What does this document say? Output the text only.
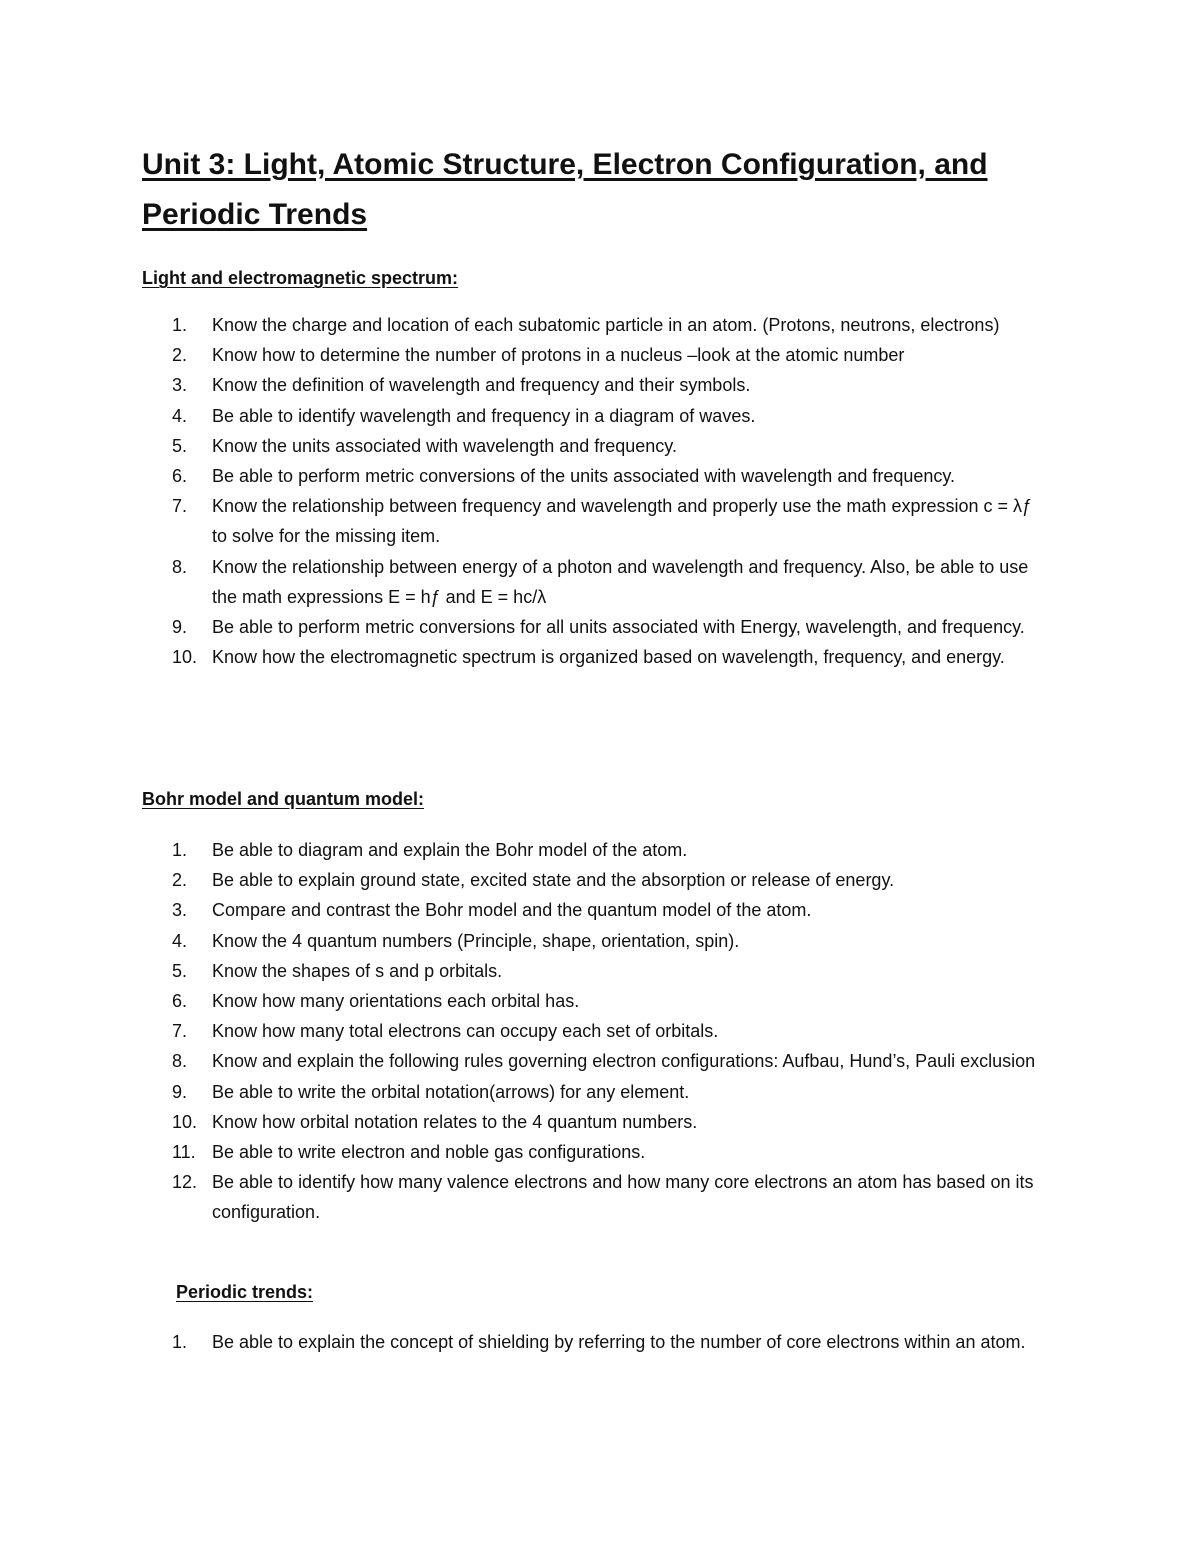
Unit 3: Light, Atomic Structure, Electron Configuration, and Periodic Trends
Light and electromagnetic spectrum:
1. Know the charge and location of each subatomic particle in an atom. (Protons, neutrons, electrons)
2. Know how to determine the number of protons in a nucleus –look at the atomic number
3. Know the definition of wavelength and frequency and their symbols.
4. Be able to identify wavelength and frequency in a diagram of waves.
5. Know the units associated with wavelength and frequency.
6. Be able to perform metric conversions of the units associated with wavelength and frequency.
7. Know the relationship between frequency and wavelength and properly use the math expression c = λƒ to solve for the missing item.
8. Know the relationship between energy of a photon and wavelength and frequency. Also, be able to use the math expressions E = hƒ and E = hc/λ
9. Be able to perform metric conversions for all units associated with Energy, wavelength, and frequency.
10. Know how the electromagnetic spectrum is organized based on wavelength, frequency, and energy.
Bohr model and quantum model:
1. Be able to diagram and explain the Bohr model of the atom.
2. Be able to explain ground state, excited state and the absorption or release of energy.
3. Compare and contrast the Bohr model and the quantum model of the atom.
4. Know the 4 quantum numbers (Principle, shape, orientation, spin).
5. Know the shapes of s and p orbitals.
6. Know how many orientations each orbital has.
7. Know how many total electrons can occupy each set of orbitals.
8. Know and explain the following rules governing electron configurations: Aufbau, Hund’s, Pauli exclusion
9. Be able to write the orbital notation(arrows) for any element.
10. Know how orbital notation relates to the 4 quantum numbers.
11. Be able to write electron and noble gas configurations.
12. Be able to identify how many valence electrons and how many core electrons an atom has based on its configuration.
Periodic trends:
1. Be able to explain the concept of shielding by referring to the number of core electrons within an atom.
